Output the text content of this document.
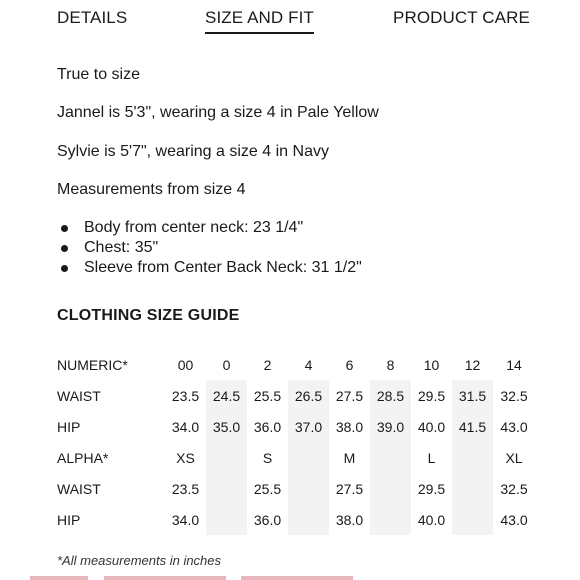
DETAILS	SIZE AND FIT	PRODUCT CARE
True to size
Jannel is 5'3", wearing a size 4 in Pale Yellow
Sylvie is 5'7", wearing a size 4 in Navy
Measurements from size 4
Body from center neck: 23 1/4"
Chest: 35"
Sleeve from Center Back Neck: 31 1/2"
CLOTHING SIZE GUIDE
NUMERIC*	00	0	2	4	6	8	10	12	14
WAIST	23.5	24.5	25.5	26.5	27.5	28.5	29.5	31.5	32.5
HIP	34.0	35.0	36.0	37.0	38.0	39.0	40.0	41.5	43.0
ALPHA*	XS		S		M		L		XL
WAIST	23.5		25.5		27.5		29.5		32.5
HIP	34.0		36.0		38.0		40.0		43.0
*All measurements in inches
